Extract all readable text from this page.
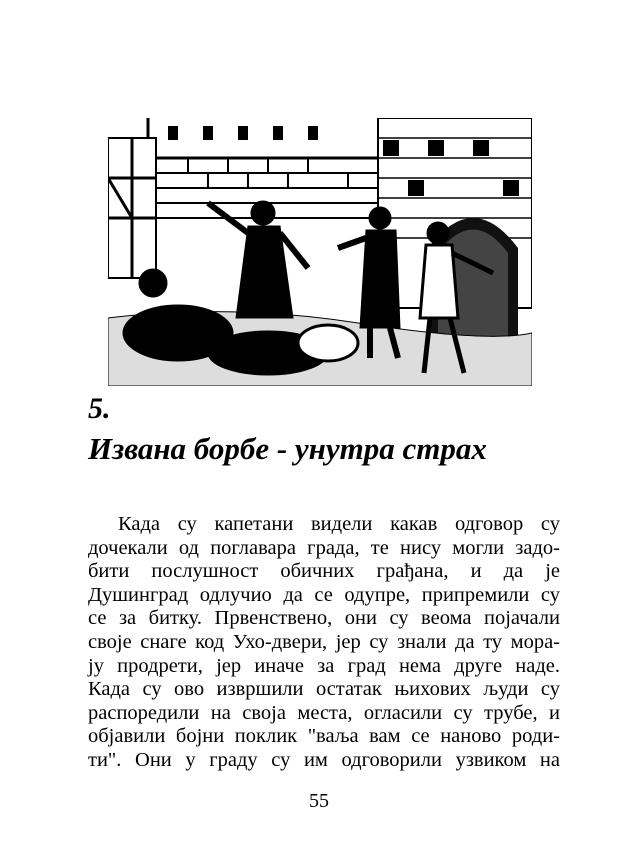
5.
Извана борбе - унутра страх
Када су капетани видели какав одговор су
дочекали од поглавара града, те нису могли задо-
бити послушност обичних грађана, и да је
Душинград одлучио да се одупре, припремили су
се за битку. Првенствено, они су веома појачали
своје снаге код Ухо-двери, јер су знали да ту мора-
ју продрети, јер иначе за град нема друге наде.
Када су ово извршили остатак њихових људи су
распоредили на своја места, огласили су трубе, и
објавили бојни поклик "ваља вам се наново роди-
ти". Они у граду су им одговорили узвиком на
55
